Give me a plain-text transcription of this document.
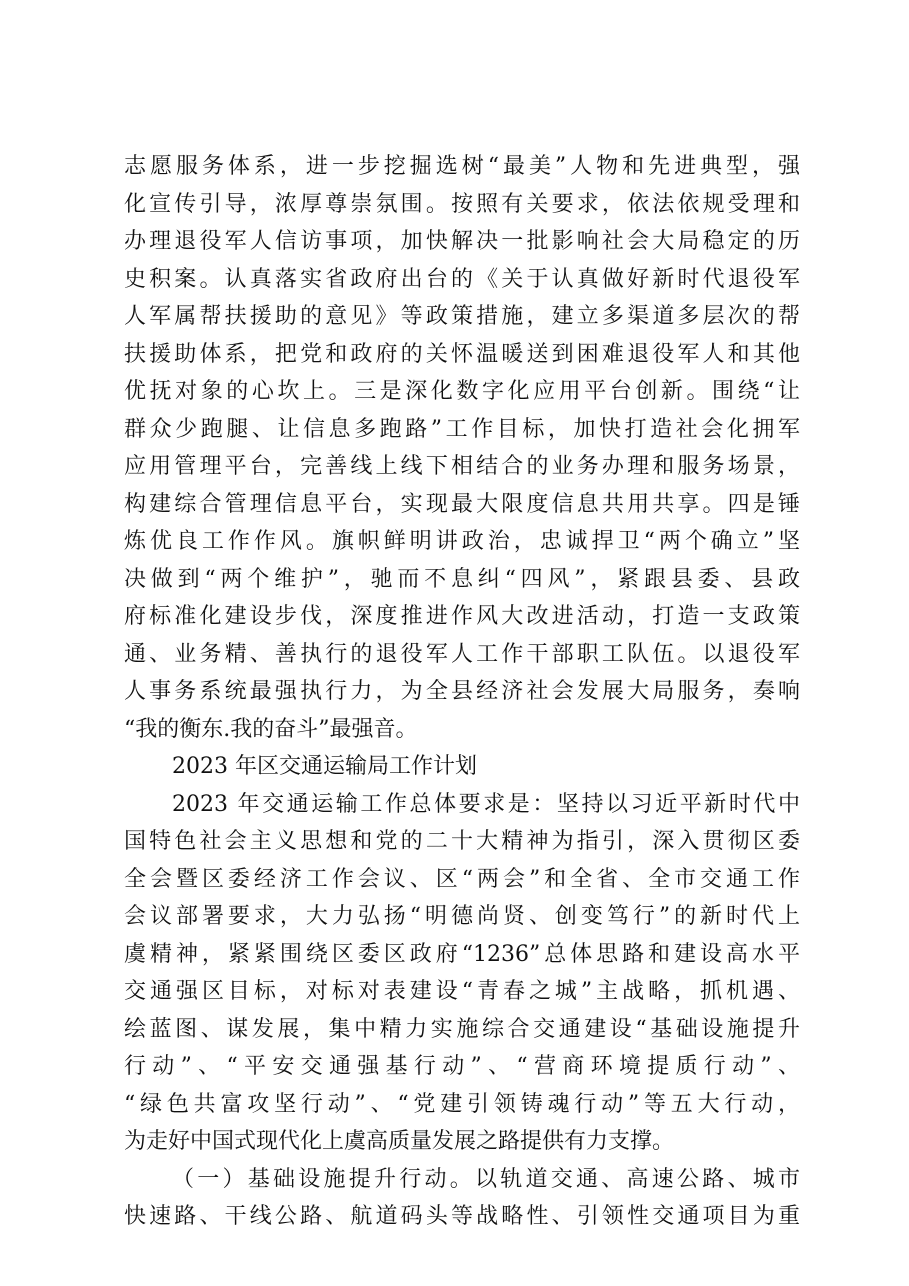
志愿服务体系，进一步挖掘选树“最美”人物和先进典型，强
化宣传引导，浓厚尊崇氛围。按照有关要求，依法依规受理和
办理退役军人信访事项，加快解决一批影响社会大局稳定的历
史积案。认真落实省政府出台的《关于认真做好新时代退役军
人军属帮扶援助的意见》等政策措施，建立多渠道多层次的帮
扶援助体系，把党和政府的关怀温暖送到困难退役军人和其他
优抚对象的心坎上。三是深化数字化应用平台创新。围绕“让
群众少跑腿、让信息多跑路”工作目标，加快打造社会化拥军
应用管理平台，完善线上线下相结合的业务办理和服务场景，
构建综合管理信息平台，实现最大限度信息共用共享。四是锤
炼优良工作作风。旗帜鲜明讲政治，忠诚捍卫“两个确立”坚
决做到“两个维护”，驰而不息纠“四风”，紧跟县委、县政
府标准化建设步伐，深度推进作风大改进活动，打造一支政策
通、业务精、善执行的退役军人工作干部职工队伍。以退役军
人事务系统最强执行力，为全县经济社会发展大局服务，奏响
“我的衡东.我的奋斗”最强音。
2023 年区交通运输局工作计划
2023 年交通运输工作总体要求是：坚持以习近平新时代中
国特色社会主义思想和党的二十大精神为指引，深入贯彻区委
全会暨区委经济工作会议、区“两会”和全省、全市交通工作
会议部署要求，大力弘扬“明德尚贤、创变笃行”的新时代上
虞精神，紧紧围绕区委区政府“1236”总体思路和建设高水平
交通强区目标，对标对表建设“青春之城”主战略，抓机遇、
绘蓝图、谋发展，集中精力实施综合交通建设“基础设施提升
行动”、“平安交通强基行动”、“营商环境提质行动”、
“绿色共富攻坚行动”、“党建引领铸魂行动”等五大行动，
为走好中国式现代化上虞高质量发展之路提供有力支撑。
（一）基础设施提升行动。以轨道交通、高速公路、城市
快速路、干线公路、航道码头等战略性、引领性交通项目为重
